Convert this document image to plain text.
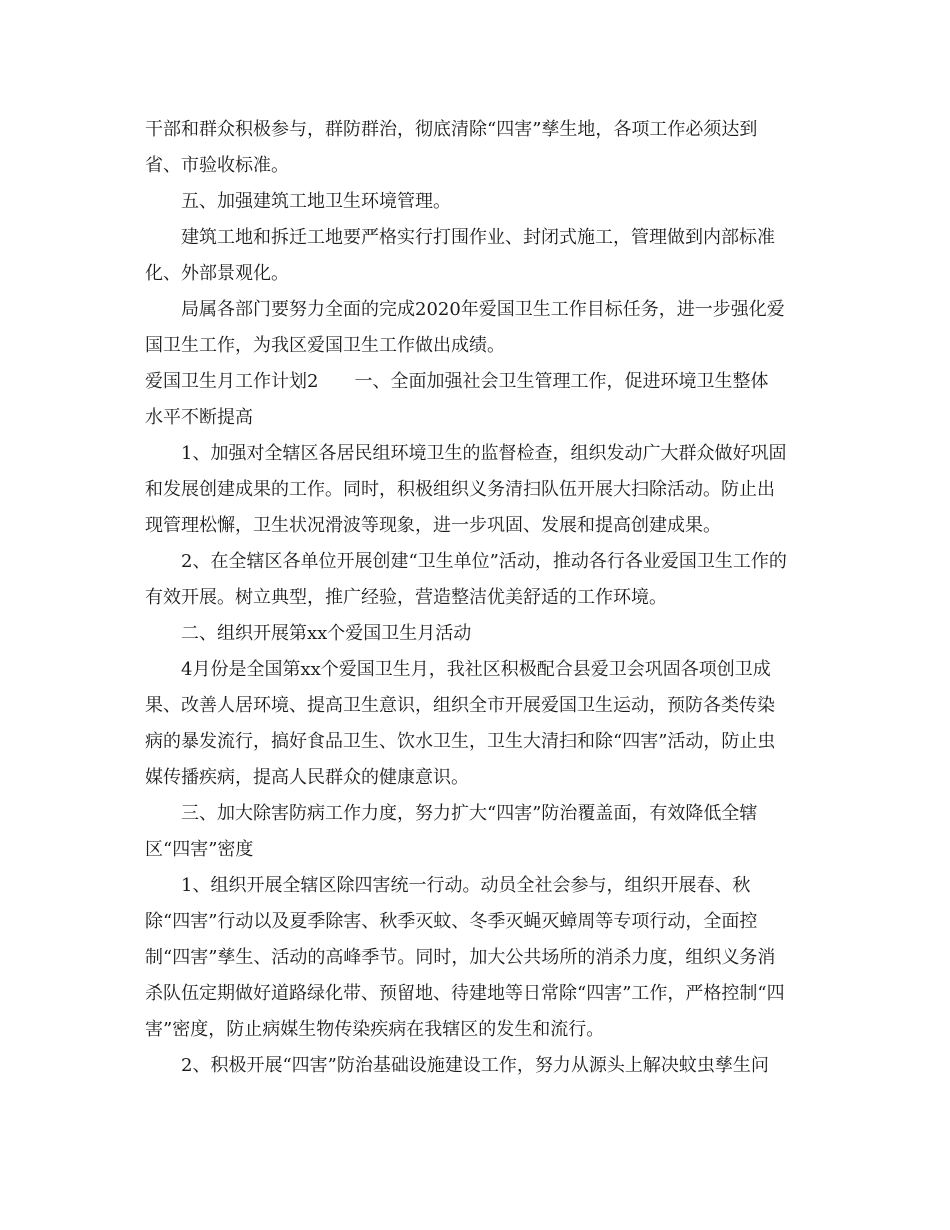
干部和群众积极参与，群防群治，彻底清除“四害”孳生地，各项工作必须达到
省、市验收标准。
五、加强建筑工地卫生环境管理。
建筑工地和拆迁工地要严格实行打围作业、封闭式施工，管理做到内部标准
化、外部景观化。
局属各部门要努力全面的完成2020年爱国卫生工作目标任务，进一步强化爱
国卫生工作，为我区爱国卫生工作做出成绩。
爱国卫生月工作计划2　　一、全面加强社会卫生管理工作，促进环境卫生整体
水平不断提高
1、加强对全辖区各居民组环境卫生的监督检查，组织发动广大群众做好巩固
和发展创建成果的工作。同时，积极组织义务清扫队伍开展大扫除活动。防止出
现管理松懈，卫生状况滑波等现象，进一步巩固、发展和提高创建成果。
2、在全辖区各单位开展创建“卫生单位”活动，推动各行各业爱国卫生工作的
有效开展。树立典型，推广经验，营造整洁优美舒适的工作环境。
二、组织开展第xx个爱国卫生月活动
4月份是全国第xx个爱国卫生月，我社区积极配合县爱卫会巩固各项创卫成
果、改善人居环境、提高卫生意识，组织全市开展爱国卫生运动，预防各类传染
病的暴发流行，搞好食品卫生、饮水卫生，卫生大清扫和除“四害”活动，防止虫
媒传播疾病，提高人民群众的健康意识。
三、加大除害防病工作力度，努力扩大“四害”防治覆盖面，有效降低全辖
区“四害”密度
1、组织开展全辖区除四害统一行动。动员全社会参与，组织开展春、秋
除“四害”行动以及夏季除害、秋季灭蚊、冬季灭蝇灭蟑周等专项行动，全面控
制“四害”孳生、活动的高峰季节。同时，加大公共场所的消杀力度，组织义务消
杀队伍定期做好道路绿化带、预留地、待建地等日常除“四害”工作，严格控制“四
害”密度，防止病媒生物传染疾病在我辖区的发生和流行。
2、积极开展“四害”防治基础设施建设工作，努力从源头上解决蚊虫孳生问
